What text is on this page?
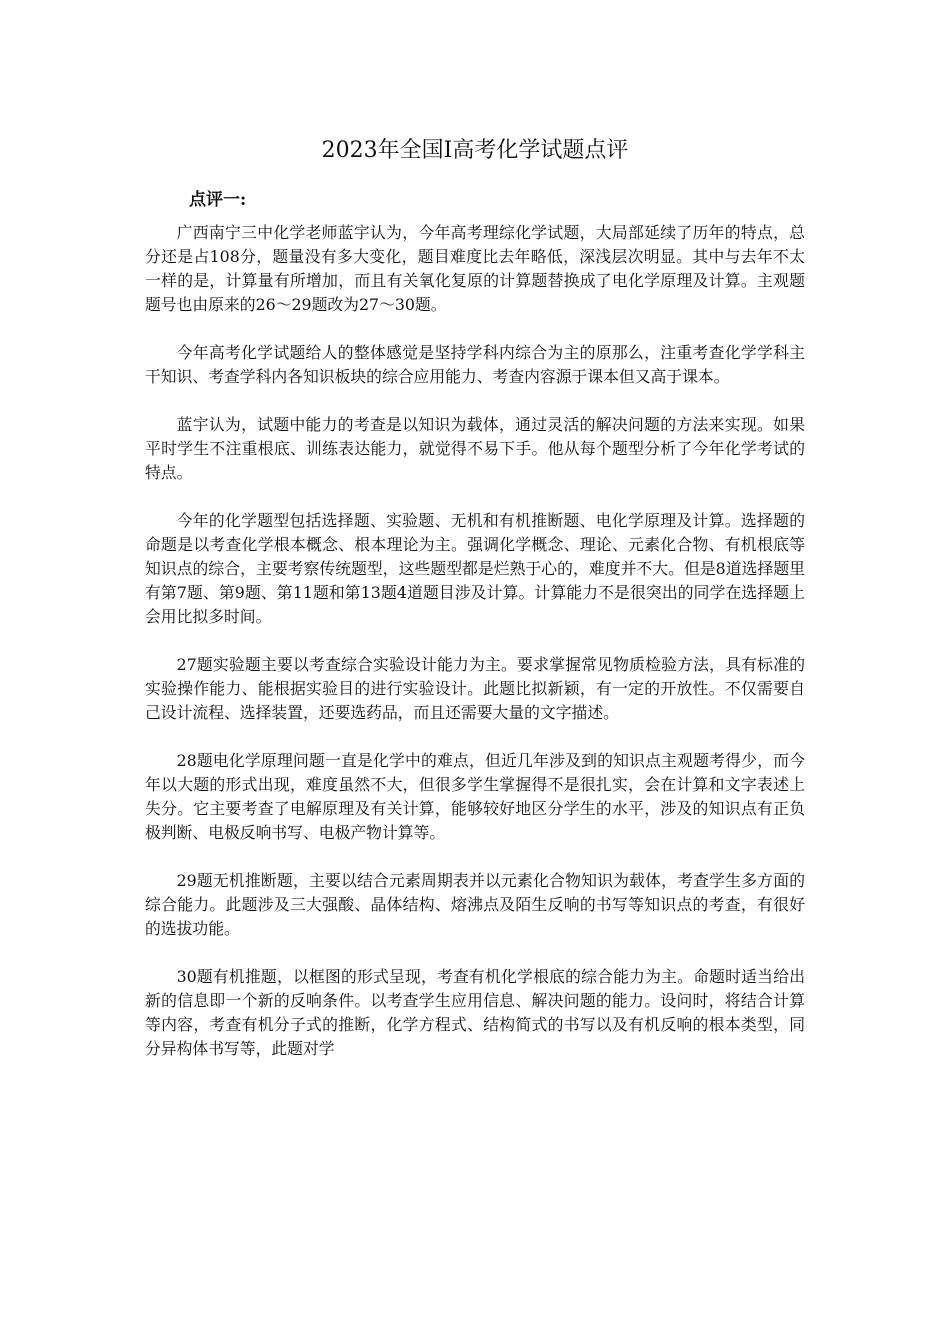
2023年全国Ⅰ高考化学试题点评
点评一:

广西南宁三中化学老师蓝宇认为，今年高考理综化学试题，大局部延续了历年的特点，总分还是占108分，题量没有多大变化，题目难度比去年略低，深浅层次明显。其中与去年不太一样的是，计算量有所增加，而且有关氧化复原的计算题替换成了电化学原理及计算。主观题题号也由原来的26～29题改为27～30题。

今年高考化学试题给人的整体感觉是坚持学科内综合为主的原那么，注重考查化学学科主干知识、考查学科内各知识板块的综合应用能力、考查内容源于课本但又高于课本。

蓝宇认为，试题中能力的考查是以知识为载体，通过灵活的解决问题的方法来实现。如果平时学生不注重根底、训练表达能力，就觉得不易下手。他从每个题型分析了今年化学考试的特点。

今年的化学题型包括选择题、实验题、无机和有机推断题、电化学原理及计算。选择题的命题是以考查化学根本概念、根本理论为主。强调化学概念、理论、元素化合物、有机根底等知识点的综合，主要考察传统题型，这些题型都是烂熟于心的，难度并不大。但是8道选择题里有第7题、第9题、第11题和第13题4道题目涉及计算。计算能力不是很突出的同学在选择题上会用比拟多时间。

27题实验题主要以考查综合实验设计能力为主。要求掌握常见物质检验方法，具有标准的实验操作能力、能根据实验目的进行实验设计。此题比拟新颖，有一定的开放性。不仅需要自己设计流程、选择装置，还要选药品，而且还需要大量的文字描述。

28题电化学原理问题一直是化学中的难点，但近几年涉及到的知识点主观题考得少，而今年以大题的形式出现，难度虽然不大，但很多学生掌握得不是很扎实，会在计算和文字表述上失分。它主要考查了电解原理及有关计算，能够较好地区分学生的水平，涉及的知识点有正负极判断、电极反响书写、电极产物计算等。

29题无机推断题，主要以结合元素周期表并以元素化合物知识为载体，考查学生多方面的综合能力。此题涉及三大强酸、晶体结构、熔沸点及陌生反响的书写等知识点的考查，有很好的选拔功能。

30题有机推题，以框图的形式呈现，考查有机化学根底的综合能力为主。命题时适当给出新的信息即一个新的反响条件。以考查学生应用信息、解决问题的能力。设问时，将结合计算等内容，考查有机分子式的推断，化学方程式、结构简式的书写以及有机反响的根本类型，同分异构体书写等，此题对学
